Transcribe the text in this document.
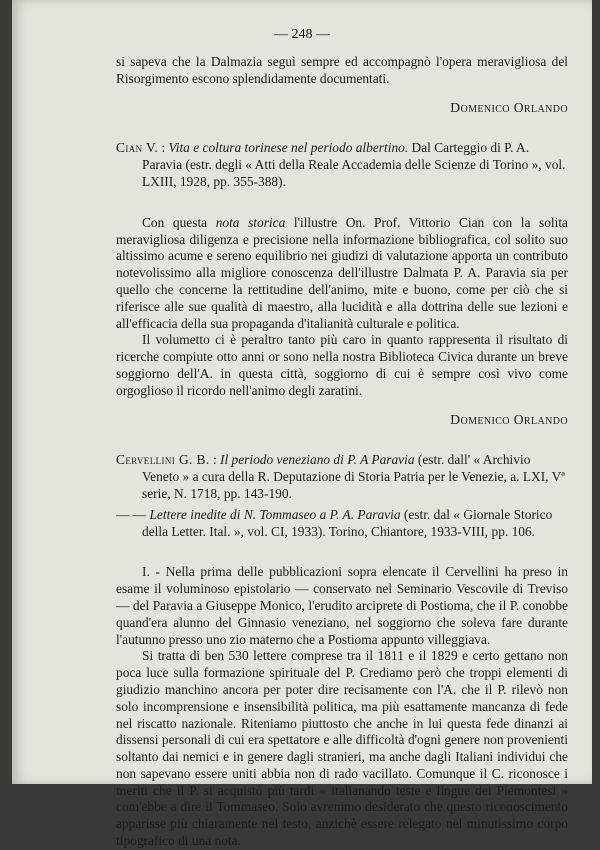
— 248 —

si sapeva che la Dalmazia seguì sempre ed accompagnò l'opera meravigliosa del Risorgimento escono splendidamente documentati.

Domenico Orlando

Cian V. : Vita e coltura torinese nel periodo albertino. Dal Carteggio di P. A. Paravia (estr. degli « Atti della Reale Accademia delle Scienze di Torino », vol. LXIII, 1928, pp. 355-388).

Con questa nota storica l'illustre On. Prof. Vittorio Cian con la solita meravigliosa diligenza e precisione nella informazione bibliografica, col solito suo altissimo acume e sereno equilibrio nei giudizi di valutazione apporta un contributo notevolissimo alla migliore conoscenza dell'illustre Dalmata P. A. Paravia sia per quello che concerne la rettitudine dell'animo, mite e buono, come per ciò che si riferisce alle sue qualità di maestro, alla lucidità e alla dottrina delle sue lezioni e all'efficacia della sua propaganda d'italianità culturale e politica.

Il volumetto ci è peraltro tanto più caro in quanto rappresenta il risultato di ricerche compiute otto anni or sono nella nostra Biblioteca Civica durante un breve soggiorno dell'A. in questa città, soggiorno di cui è sempre così vivo come orgoglioso il ricordo nell'animo degli zaratini.

Domenico Orlando

Cervellini G. B. : Il periodo veneziano di P. A Paravia (estr. dall' « Archivio Veneto » a cura della R. Deputazione di Storia Patria per le Venezie, a. LXI, Vª serie, N. 1718, pp. 143-190.

— — Lettere inedite di N. Tommaseo a P. A. Paravia (estr. dal « Giornale Storico della Letter. Ital. », vol. CI, 1933). Torino, Chiantore, 1933-VIII, pp. 106.

I. - Nella prima delle pubblicazioni sopra elencate il Cervellini ha preso in esame il voluminoso epistolario — conservato nel Seminario Vescovile di Treviso — del Paravia a Giuseppe Monico, l'erudito arciprete di Postioma, che il P. conobbe quand'era alunno del Ginnasio veneziano, nel soggiorno che soleva fare durante l'autunno presso uno zio materno che a Postioma appunto villeggiava.

Si tratta di ben 530 lettere comprese tra il 1811 e il 1829 e certo gettano non poca luce sulla formazione spirituale del P. Crediamo però che troppi elementi di giudizio manchino ancora per poter dire recisamente con l'A. che il P. rilevò non solo incomprensione e insensibilità politica, ma più esattamente mancanza di fede nel riscatto nazionale. Riteniamo piuttosto che anche in lui questa fede dinanzi ai dissensi personali di cui era spettatore e alle difficoltà d'ogni genere non provenienti soltanto dai nemici e in genere dagli stranieri, ma anche dagli Italiani individui che non sapevano essere uniti abbia non di rado vacillato. Comunque il C. riconosce i meriti che il P. si acquistò più tardi « italianando teste e lingue dei Piemontesi » com'ebbe a dire il Tommaseo. Solo avremmo desiderato che questo riconoscimento apparisse più chiaramente nel testo, anzichè essere relegato nel minutissimo corpo tipografico di una nota.
